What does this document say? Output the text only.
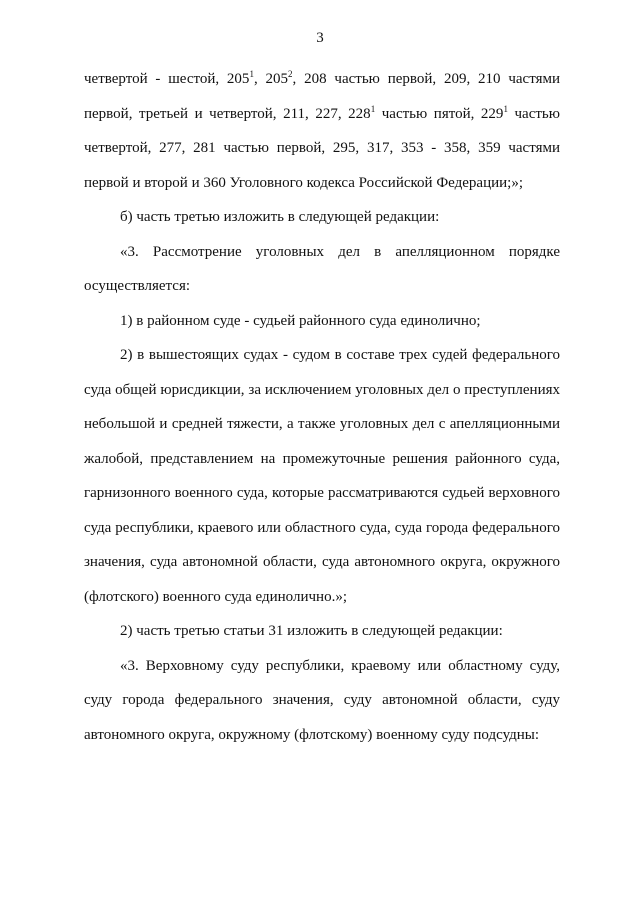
3

четвертой - шестой, $205^1$, $205^2$, 208 частью первой, 209, 210 частями первой, третьей и четвертой, 211, 227, $228^1$ частью пятой, $229^1$ частью четвертой, 277, 281 частью первой, 295, 317, 353 - 358, 359 частями первой и второй и 360 Уголовного кодекса Российской Федерации;»;

б) часть третью изложить в следующей редакции:

«3. Рассмотрение уголовных дел в апелляционном порядке осуществляется:

1) в районном суде - судьей районного суда единолично;

2) в вышестоящих судах - судом в составе трех судей федерального суда общей юрисдикции, за исключением уголовных дел о преступлениях небольшой и средней тяжести, а также уголовных дел с апелляционными жалобой, представлением на промежуточные решения районного суда, гарнизонного военного суда, которые рассматриваются судьей верховного суда республики, краевого или областного суда, суда города федерального значения, суда автономной области, суда автономного округа, окружного (флотского) военного суда единолично.»;

2) часть третью статьи 31 изложить в следующей редакции:

«3. Верховному суду республики, краевому или областному суду, суду города федерального значения, суду автономной области, суду автономного округа, окружному (флотскому) военному суду подсудны:
